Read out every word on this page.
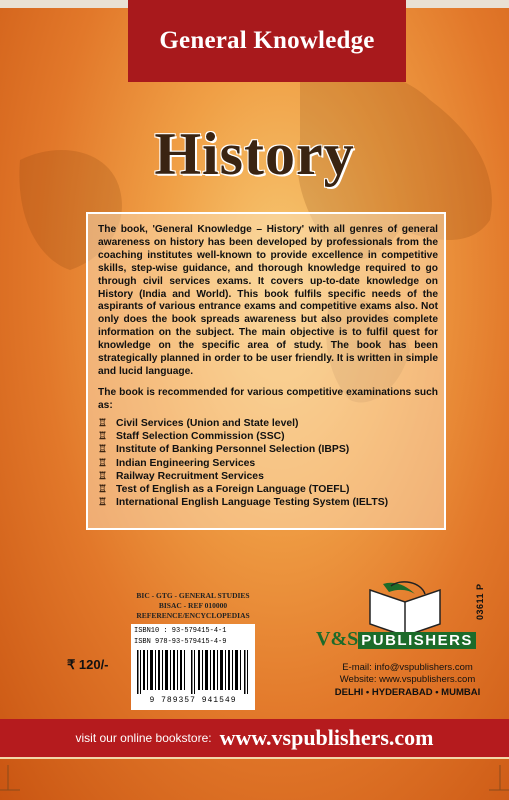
General Knowledge
History

The book, 'General Knowledge – History' with all genres of general awareness on history has been developed by professionals from the coaching institutes well-known to provide excellence in competitive skills, step-wise guidance, and thorough knowledge required to go through civil services exams. It covers up-to-date knowledge on History (India and World). This book fulfils specific needs of the aspirants of various entrance exams and competitive exams also. Not only does the book spreads awareness but also provides complete information on the subject. The main objective is to fulfil quest for knowledge on the specific area of study. The book has been strategically planned in order to be user friendly. It is written in simple and lucid language.

The book is recommended for various competitive examinations such as:

♖ Civil Services (Union and State level)
♖ Staff Selection Commission (SSC)
♖ Institute of Banking Personnel Selection (IBPS)
♖ Indian Engineering Services
♖ Railway Recruitment Services
♖ Test of English as a Foreign Language (TOEFL)
♖ International English Language Testing System (IELTS)
BIC - GTG - GENERAL STUDIES
BISAC - REF 010000
REFERENCE/ENCYCLOPEDIAS
ISBN10 : 93-579415-4-1
ISBN 978-93-579415-4-9
9 789357 941549
₹ 120/-
03611 P
V&S PUBLISHERS
E-mail: info@vspublishers.com
Website: www.vspublishers.com
DELHI • HYDERABAD • MUMBAI
visit our online bookstore: www.vspublishers.com
